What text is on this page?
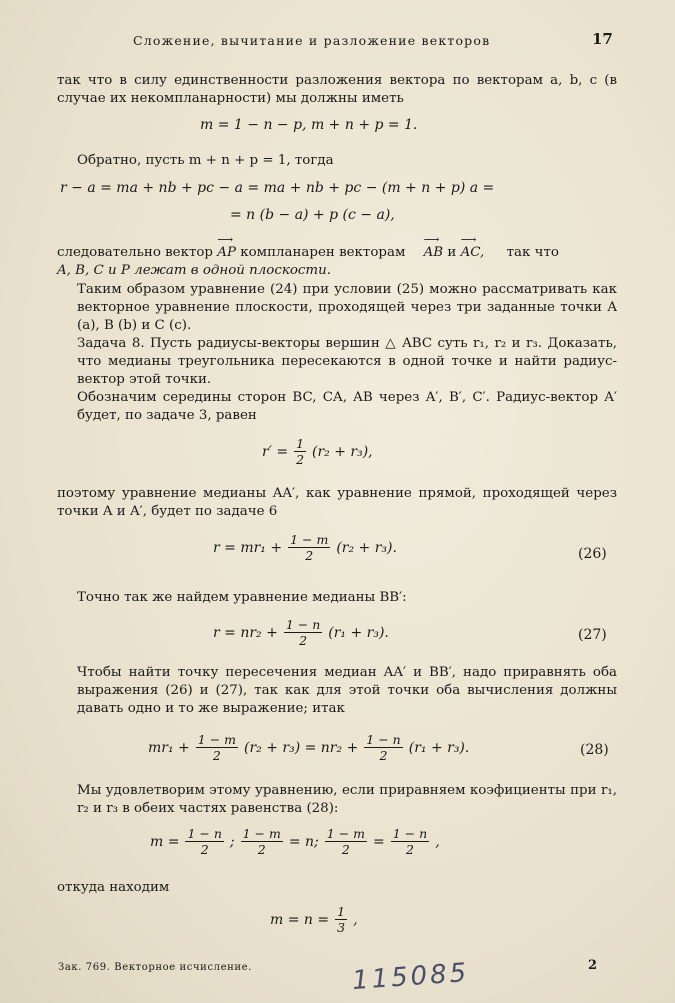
Сложение, вычитание и разложение векторов	17
так что в силу единственности разложения вектора по векторам a, b, c (в случае их некомпланарности) мы должны иметь
m = 1 − n − p, m + n + p = 1.
Обратно, пусть m + n + p = 1, тогда
r − a = ma + nb + pc − a = ma + nb + pc − (m + n + p) a =
= n (b − a) + p (c − a),
следовательно вектор ⟶ AP компланарен векторам ⟶ AB и ⟶ AC, так что
A, B, C и P лежат в одной плоскости.
Таким образом уравнение (24) при условии (25) можно рассматривать как векторное уравнение плоскости, проходящей через три заданные точки A (a), B (b) и C (c).
Задача 8. Пусть радиусы-векторы вершин △ ABC суть r₁, r₂ и r₃. Доказать, что медианы треугольника пересекаются в одной точке и найти радиус-вектор этой точки.
Обозначим середины сторон BC, CA, AB через A′, B′, C′. Радиус-вектор A′ будет, по задаче 3, равен
$r' = \frac{1}{2} (r_2 + r_3)$,
поэтому уравнение медианы AA′, как уравнение прямой, проходящей через точки A и A′, будет по задаче 6
$r = mr_1 + \frac{1 - m}{2} (r_2 + r_3)$.	(26)
Точно так же найдем уравнение медианы BB′:
$r = nr_2 + \frac{1 - n}{2} (r_1 + r_3)$.	(27)
Чтобы найти точку пересечения медиан AA′ и BB′, надо приравнять оба выражения (26) и (27), так как для этой точки оба вычисления должны давать одно и то же выражение; итак
$mr_1 + \frac{1 - m}{2} (r_2 + r_3) = nr_2 + \frac{1 - n}{2} (r_1 + r_3)$.	(28)
Мы удовлетворим этому уравнению, если приравняем коэфициенты при r₁, r₂ и r₃ в обеих частях равенства (28):
$m = \frac{1 - n}{2}$ ; $\frac{1 - m}{2} = n$; $\frac{1 - m}{2} = \frac{1 - n}{2}$ ,
откуда находим
$m = n = \frac{1}{3}$ ,
Зак. 769. Векторное исчисление.	2
115085
